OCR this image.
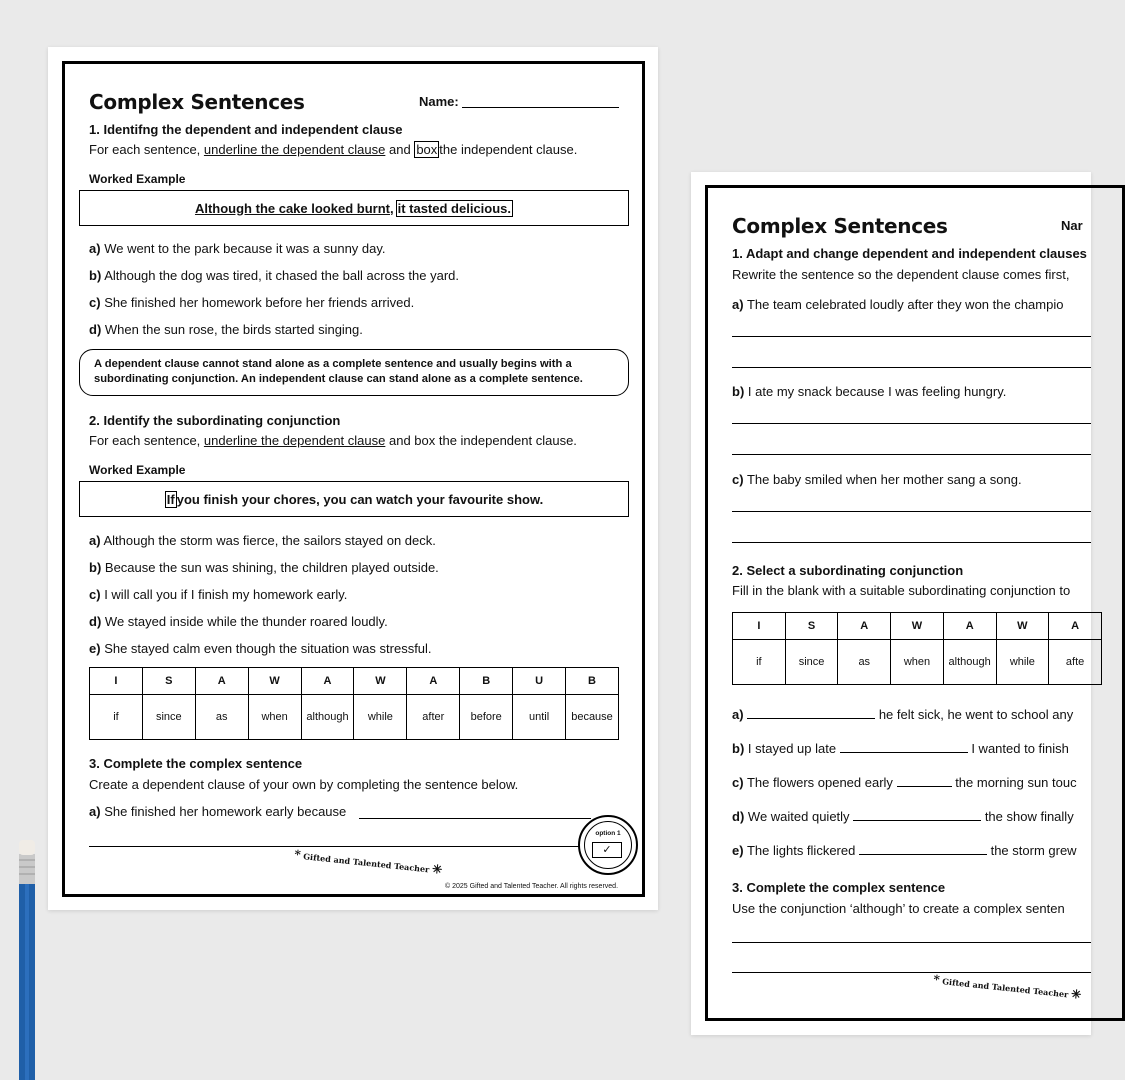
Complex Sentences	Name:
1. Identifng the dependent and independent clause
For each sentence, underline the dependent clause and box the independent clause.
Worked Example
Although the cake looked burnt, it tasted delicious.
a) We went to the park because it was a sunny day.
b) Although the dog was tired, it chased the ball across the yard.
c) She finished her homework before her friends arrived.
d) When the sun rose, the birds started singing.
A dependent clause cannot stand alone as a complete sentence and usually begins with a subordinating conjunction. An independent clause can stand alone as a complete sentence.
2. Identify the subordinating conjunction
For each sentence, underline the dependent clause and box the independent clause.
Worked Example
If you finish your chores, you can watch your favourite show.
a) Although the storm was fierce, the sailors stayed on deck.
b) Because the sun was shining, the children played outside.
c) I will call you if I finish my homework early.
d) We stayed inside while the thunder roared loudly.
e) She stayed calm even though the situation was stressful.
I	S	A	W	A	W	A	B	U	B
if	since	as	when	although	while	after	before	until	because
3. Complete the complex sentence
Create a dependent clause of your own by completing the sentence below.
a) She finished her homework early because
option 1
✓
* Gifted and Talented Teacher ✳
© 2025 Gifted and Talented Teacher. All rights reserved.
Complex Sentences	Nar
1. Adapt and change dependent and independent clauses
Rewrite the sentence so the dependent clause comes first,
a) The team celebrated loudly after they won the champio
b) I ate my snack because I was feeling hungry.
c) The baby smiled when her mother sang a song.
2. Select a subordinating conjunction
Fill in the blank with a suitable subordinating conjunction to
I	S	A	W	A	W	A
if	since	as	when	although	while	afte
a)	he felt sick, he went to school any
b) I stayed up late	I wanted to finish
c) The flowers opened early	the morning sun touc
d) We waited quietly	the show finally
e) The lights flickered	the storm grew
3. Complete the complex sentence
Use the conjunction ‘although’ to create a complex senten
* Gifted and Talented Teacher ✳
